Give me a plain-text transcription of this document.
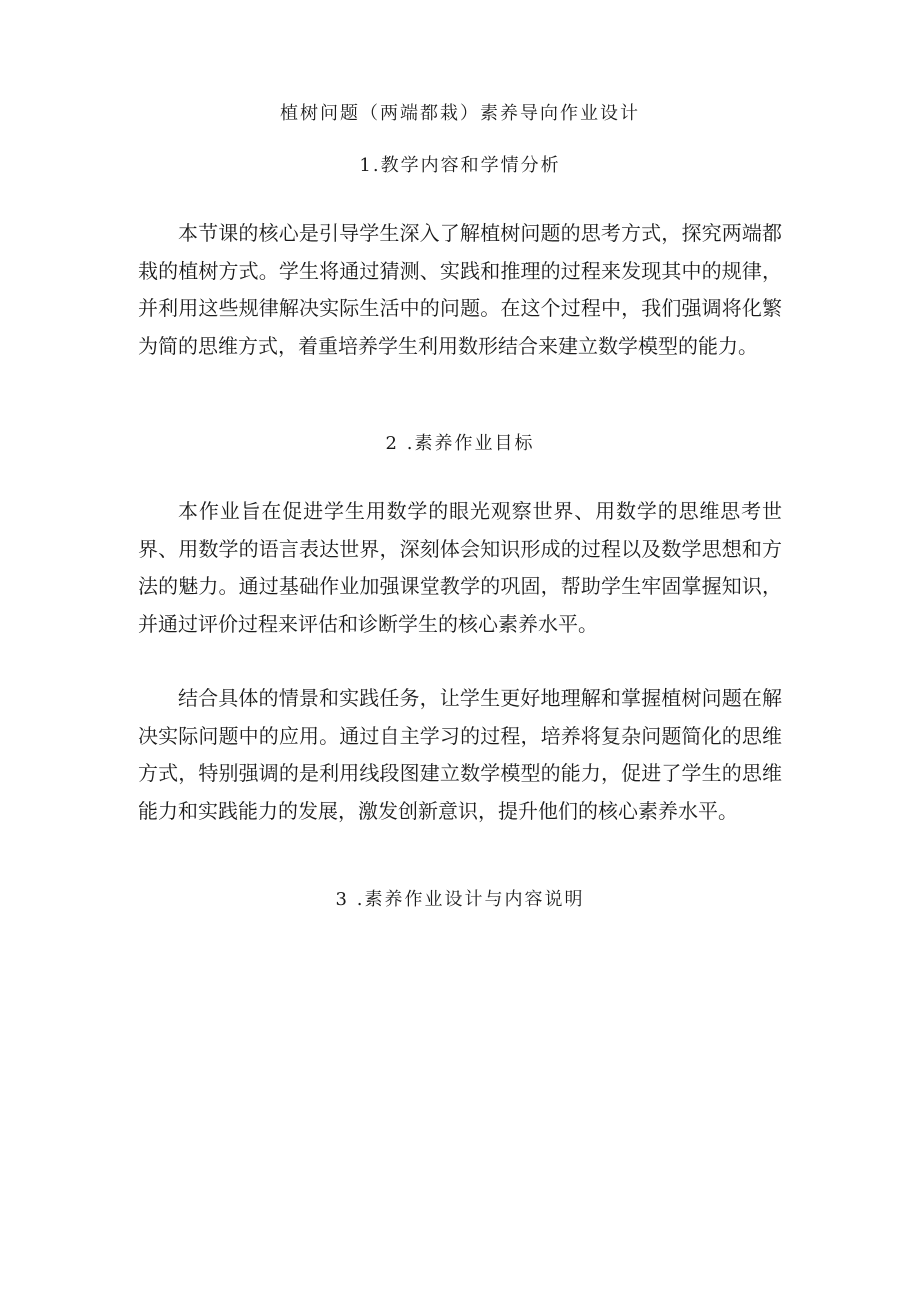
植树问题（两端都栽）素养导向作业设计
1.教学内容和学情分析

本节课的核心是引导学生深入了解植树问题的思考方式，探究两端都栽的植树方式。学生将通过猜测、实践和推理的过程来发现其中的规律，并利用这些规律解决实际生活中的问题。在这个过程中，我们强调将化繁为简的思维方式，着重培养学生利用数形结合来建立数学模型的能力。

2 .素养作业目标

本作业旨在促进学生用数学的眼光观察世界、用数学的思维思考世界、用数学的语言表达世界，深刻体会知识形成的过程以及数学思想和方法的魅力。通过基础作业加强课堂教学的巩固，帮助学生牢固掌握知识，并通过评价过程来评估和诊断学生的核心素养水平。

结合具体的情景和实践任务，让学生更好地理解和掌握植树问题在解决实际问题中的应用。通过自主学习的过程，培养将复杂问题简化的思维方式，特别强调的是利用线段图建立数学模型的能力，促进了学生的思维能力和实践能力的发展，激发创新意识，提升他们的核心素养水平。

3 .素养作业设计与内容说明
